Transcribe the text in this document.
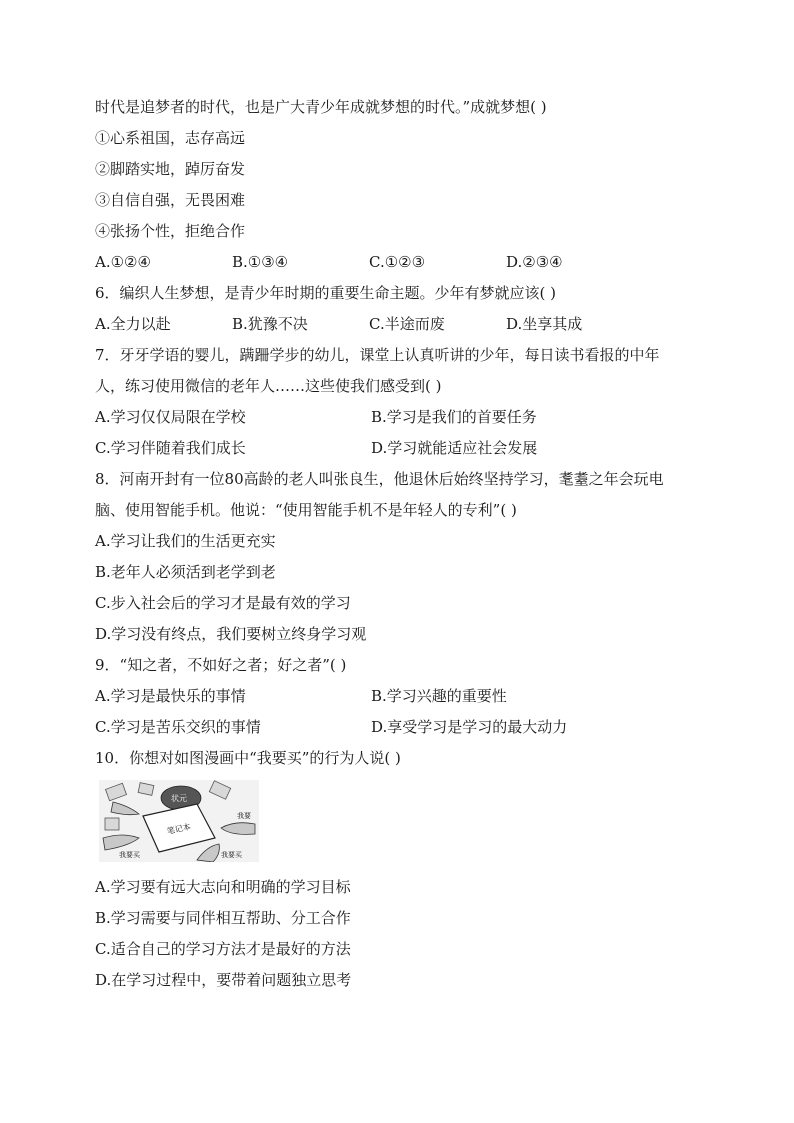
时代是追梦者的时代，也是广大青少年成就梦想的时代。”成就梦想( )
①心系祖国，志存高远
②脚踏实地，踔厉奋发
③自信自强，无畏困难
④张扬个性，拒绝合作
A.①②④	B.①③④	C.①②③	D.②③④
6．编织人生梦想，是青少年时期的重要生命主题。少年有梦就应该( )
A.全力以赴	B.犹豫不决	C.半途而废	D.坐享其成
7．牙牙学语的婴儿，蹒跚学步的幼儿，课堂上认真听讲的少年，每日读书看报的中年
人，练习使用微信的老年人……这些使我们感受到( )
A.学习仅仅局限在学校	B.学习是我们的首要任务
C.学习伴随着我们成长	D.学习就能适应社会发展
8．河南开封有一位80高龄的老人叫张良生，他退休后始终坚持学习，耄耋之年会玩电
脑、使用智能手机。他说：“使用智能手机不是年轻人的专利”( )
A.学习让我们的生活更充实
B.老年人必须活到老学到老
C.步入社会后的学习才是最有效的学习
D.学习没有终点，我们要树立终身学习观
9．“知之者，不如好之者；好之者”( )
A.学习是最快乐的事情	B.学习兴趣的重要性
C.学习是苦乐交织的事情	D.享受学习是学习的最大动力
10．你想对如图漫画中“我要买”的行为人说( )
状元
笔记本
我要
我要买	我要买
A.学习要有远大志向和明确的学习目标
B.学习需要与同伴相互帮助、分工合作
C.适合自己的学习方法才是最好的方法
D.在学习过程中，要带着问题独立思考
